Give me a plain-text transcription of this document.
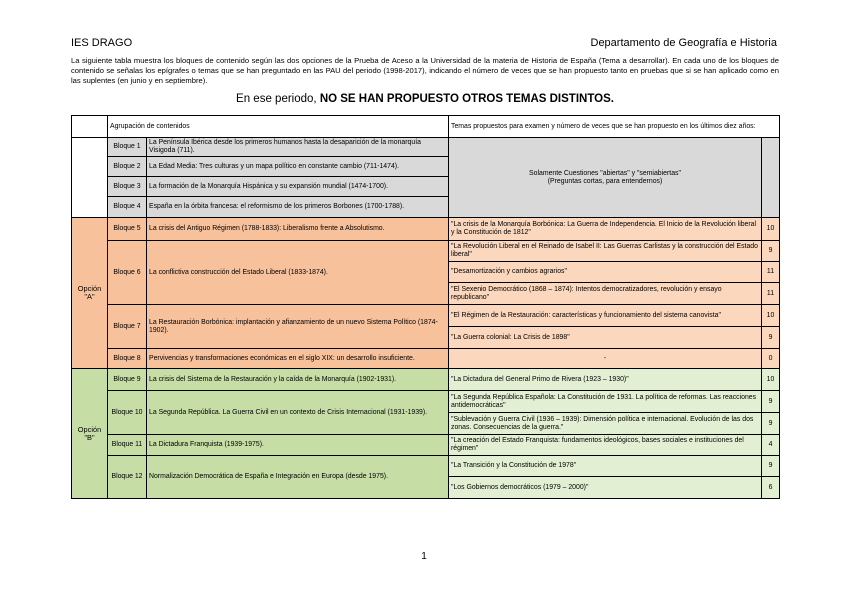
IES DRAGO	Departamento de Geografía e Historia
La siguiente tabla muestra los bloques de contenido según las dos opciones de la Prueba de Aceso a la Universidad de la materia de Historia de España (Tema a desarrollar). En cada uno de los bloques de contenido se señalas los epígrafes o temas que se han preguntado en las PAU del periodo (1998-2017), indicando el número de veces que se han propuesto tanto en pruebas que si se han aplicado como en las suplentes (en junio y en septiembre).
En ese periodo, NO SE HAN PROPUESTO OTROS TEMAS DISTINTOS.
	Agrupación de contenidos		Temas propuestos para examen y número de veces que se han propuesto en los últimos diez años:	
	Bloque 1	La Península Ibérica desde los primeros humanos hasta la desaparición de la monarquía Visigoda (711).	Solamente Cuestiones "abiertas" y "semiabiertas"
(Preguntas cortas, para entendernos)	

	Bloque 2	La Edad Media: Tres culturas y un mapa político en constante cambio (711-1474).		
	Bloque 3	La formación de la Monarquía Hispánica y su expansión mundial (1474-1700).		
	Bloque 4	España en la órbita francesa: el reformismo de los primeros Borbones (1700-1788).		
Opción "A"	Bloque 5	La crisis del Antiguo Régimen (1788-1833): Liberalismo frente a Absolutismo.	"La crisis de la Monarquía Borbónica: La Guerra de Independencia. El Inicio de la Revolución liberal y la Constitución de 1812"	10
	Bloque 6	La conflictiva construcción del Estado Liberal (1833-1874).	"La Revolución Liberal en el Reinado de Isabel II: Las Guerras Carlistas y la construcción del Estado liberal"	9
			"Desamortización y cambios agrarios"	11
			"El Sexenio Democrático (1868 – 1874): Intentos democratizadores, revolución y ensayo republicano"	11
	Bloque 7	La Restauración Borbónica: implantación y afianzamiento de un nuevo Sistema Político (1874-1902).	"El Régimen de la Restauración: características y funcionamiento del sistema canovista"	10
			"La Guerra colonial: La Crisis de 1898"	9
	Bloque 8	Pervivencias y transformaciones económicas en el siglo XIX: un desarrollo insuficiente.	-	0
Opción "B"	Bloque 9	La crisis del Sistema de la Restauración y la caída de la Monarquía (1902-1931).	"La Dictadura del General Primo de Rivera (1923 – 1930)"	10
	Bloque 10	La Segunda República. La Guerra Civil en un contexto de Crisis Internacional (1931-1939).	"La Segunda República Española: La Constitución de 1931. La política de reformas. Las reacciones antidemocráticas"	9
			"Sublevación y Guerra Civil (1936 – 1939): Dimensión política e internacional. Evolución de las dos zonas. Consecuencias de la guerra."	9
	Bloque 11	La Dictadura Franquista (1939-1975).	"La creación del Estado Franquista: fundamentos ideológicos, bases sociales e instituciones del régimen"	4
	Bloque 12	Normalización Democrática de España e Integración en Europa (desde 1975).	"La Transición y la Constitución de 1978"	9
			"Los Gobiernos democráticos (1979 – 2000)"	6
1
